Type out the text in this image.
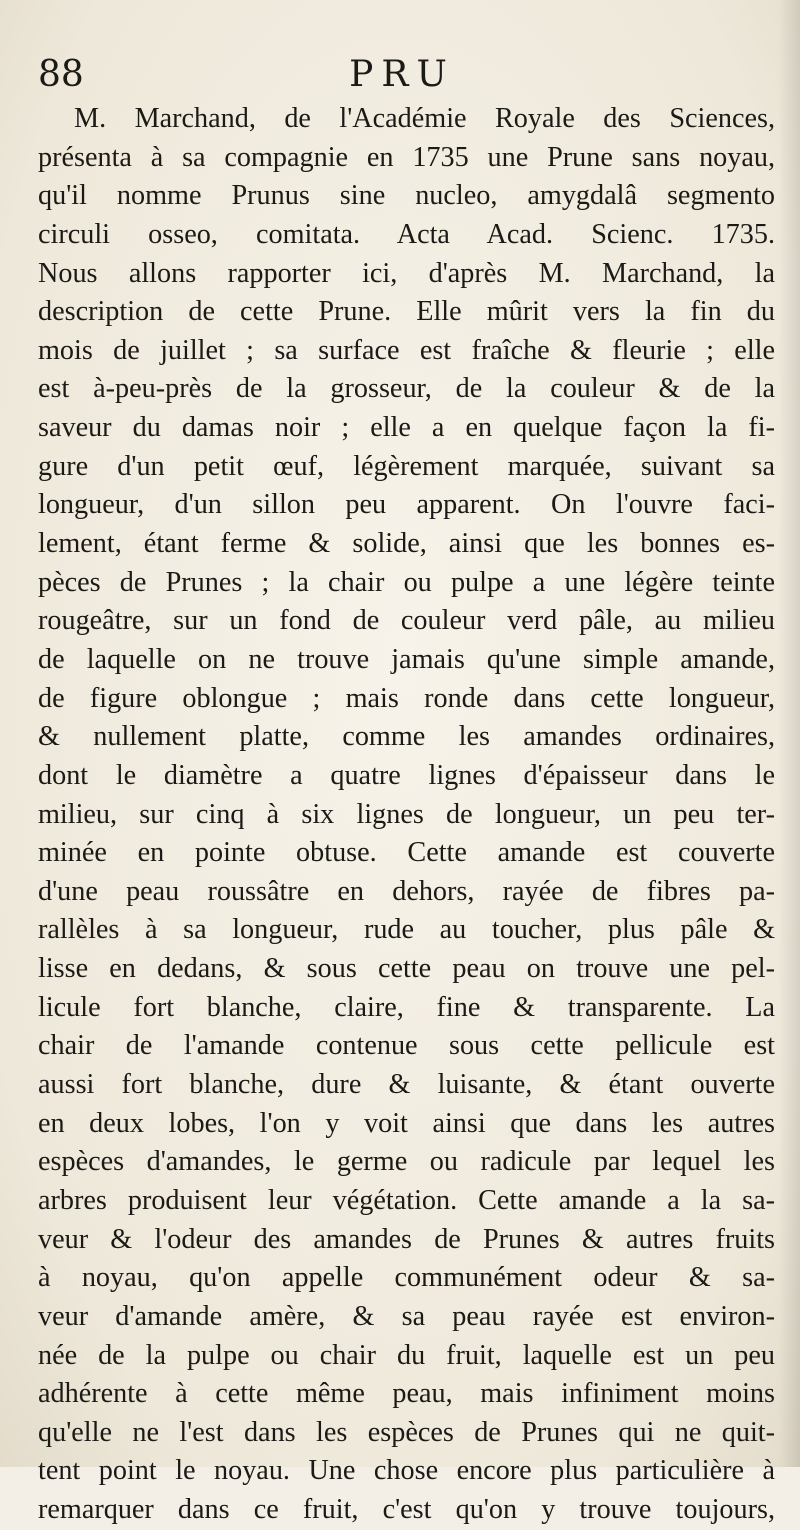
88	PRU
M. Marchand, de l'Académie Royale des Sciences,
présenta à sa compagnie en 1735 une Prune sans noyau,
qu'il nomme Prunus sine nucleo, amygdalâ segmento
circuli osseo, comitata. Acta Acad. Scienc. 1735.
Nous allons rapporter ici, d'après M. Marchand, la
description de cette Prune. Elle mûrit vers la fin du
mois de juillet ; sa surface est fraîche & fleurie ; elle
est à-peu-près de la grosseur, de la couleur & de la
saveur du damas noir ; elle a en quelque façon la fi-
gure d'un petit œuf, légèrement marquée, suivant sa
longueur, d'un sillon peu apparent. On l'ouvre faci-
lement, étant ferme & solide, ainsi que les bonnes es-
pèces de Prunes ; la chair ou pulpe a une légère teinte
rougeâtre, sur un fond de couleur verd pâle, au milieu
de laquelle on ne trouve jamais qu'une simple amande,
de figure oblongue ; mais ronde dans cette longueur,
& nullement platte, comme les amandes ordinaires,
dont le diamètre a quatre lignes d'épaisseur dans le
milieu, sur cinq à six lignes de longueur, un peu ter-
minée en pointe obtuse. Cette amande est couverte
d'une peau roussâtre en dehors, rayée de fibres pa-
rallèles à sa longueur, rude au toucher, plus pâle &
lisse en dedans, & sous cette peau on trouve une pel-
licule fort blanche, claire, fine & transparente. La
chair de l'amande contenue sous cette pellicule est
aussi fort blanche, dure & luisante, & étant ouverte
en deux lobes, l'on y voit ainsi que dans les autres
espèces d'amandes, le germe ou radicule par lequel les
arbres produisent leur végétation. Cette amande a la sa-
veur & l'odeur des amandes de Prunes & autres fruits
à noyau, qu'on appelle communément odeur & sa-
veur d'amande amère, & sa peau rayée est environ-
née de la pulpe ou chair du fruit, laquelle est un peu
adhérente à cette même peau, mais infiniment moins
qu'elle ne l'est dans les espèces de Prunes qui ne quit-
tent point le noyau. Une chose encore plus particulière à
remarquer dans ce fruit, c'est qu'on y trouve toujours,
